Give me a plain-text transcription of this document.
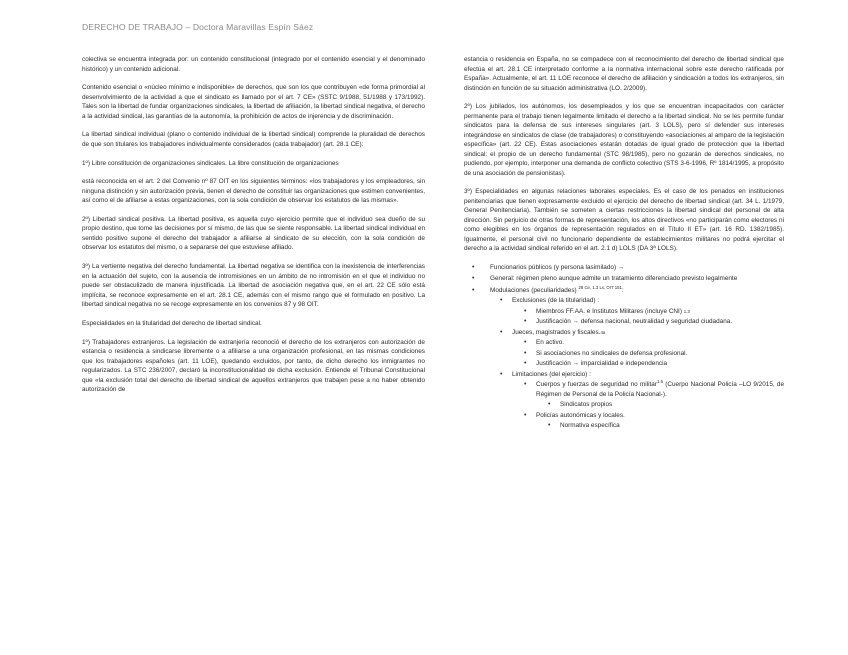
DERECHO DE TRABAJO – Doctora Maravillas Espín Sáez

colectiva se encuentra integrada por: un contenido constitucional (integrado por el contenido esencial y el denominado histórico) y un contenido adicional.

Contenido esencial o «núcleo mínimo e indisponible» de derechos, que son los que contribuyen «de forma primordial al desenvolvimiento de la actividad a que el sindicato es llamado por el art. 7 CE» (SSTC 9/1988, 51/1988 y 173/1992). Tales son la libertad de fundar organizaciones sindicales, la libertad de afiliación, la libertad sindical negativa, el derecho a la actividad sindical, las garantías de la autonomía, la prohibición de actos de injerencia y de discriminación.

La libertad sindical individual (plano o contenido individual de la libertad sindical) comprende la pluralidad de derechos de que son titulares los trabajadores individualmente considerados (cada trabajador) (art. 28.1 CE):

1º) Libre constitución de organizaciones sindicales. La libre constitución de organizaciones

está reconocida en el art. 2 del Convenio nº 87 OIT en los siguientes términos: «los trabajadores y los empleadores, sin ninguna distinción y sin autorización previa, tienen el derecho de constituir las organizaciones que estimen convenientes, así como el de afiliarse a estas organizaciones, con la sola condición de observar los estatutos de las mismas».

2º) Libertad sindical positiva. La libertad positiva, es aquella cuyo ejercicio permite que el individuo sea dueño de su propio destino, que tome las decisiones por sí mismo, de las que se siente responsable. La libertad sindical individual en sentido positivo supone el derecho del trabajador a afiliarse al sindicato de su elección, con la sola condición de observar los estatutos del mismo, o a separarse del que estuviese afiliado.

3º) La vertiente negativa del derecho fundamental. La libertad negativa se identifica con la inexistencia de interferencias en la actuación del sujeto, con la ausencia de intromisiones en un ámbito de no intromisión en el que el individuo no puede ser obstaculizado de manera injustificada. La libertad de asociación negativa que, en el art. 22 CE sólo está implícita, se reconoce expresamente en el art. 28.1 CE, además con el mismo rango que el formulado en positivo. La libertad sindical negativa no se recoge expresamente en los convenios 87 y 98 OIT.

Especialidades en la titularidad del derecho de libertad sindical.

1º) Trabajadores extranjeros. La legislación de extranjería reconoció el derecho de los extranjeros con autorización de estancia o residencia a sindicarse libremente o a afiliarse a una organización profesional, en las mismas condiciones que los trabajadores españoles (art. 11 LOE), quedando excluidos, por tanto, de dicho derecho los inmigrantes no regularizados. La STC 236/2007, declaró la inconstitucionalidad de dicha exclusión. Entiende el Tribunal Constitucional que «la exclusión total del derecho de libertad sindical de aquellos extranjeros que trabajen pese a no haber obtenido autorización de

estancia o residencia en España, no se compadece con el reconocimiento del derecho de libertad sindical que efectúa el art. 28.1 CE interpretado conforme a la normativa internacional sobre este derecho ratificada por España». Actualmente, el art. 11 LOE reconoce el derecho de afiliación y sindicación a todos los extranjeros, sin distinción en función de su situación administrativa (LO. 2/2009).

2º) Los jubilados, los autónomos, los desempleados y los que se encuentran incapacitados con carácter permanente para el trabajo tienen legalmente limitado el derecho a la libertad sindical. No se les permite fundar sindicatos para la defensa de sus intereses singulares (art. 3 LOLS), pero sí defender sus intereses integrándose en sindicatos de clase (de trabajadores) o constituyendo «asociaciones al amparo de la legislación específica» (art. 22 CE). Estas asociaciones estarán dotadas de igual grado de protección que la libertad sindical: el propio de un derecho fundamental (STC 98/1985), pero no gozarán de derechos sindicales, no pudiendo, por ejemplo, interponer una demanda de conflicto colectivo (STS 3-6-1996, Rº 1814/1995, a propósito de una asociación de pensionistas).

3º) Especialidades en algunas relaciones laborales especiales. Es el caso de los penados en instituciones penitenciarias que tienen expresamente excluido el ejercicio del derecho de libertad sindical (art. 34 L. 1/1979, General Penitenciaria). También se someten a ciertas restricciones la libertad sindical del personal de alta dirección. Sin perjuicio de otras formas de representación, los altos directivos «no participarán como electores ni como elegibles en los órganos de representación regulados en el Título II ET» (art. 16 RD. 1382/1985). Igualmente, el personal civil no funcionario dependiente de establecimientos militares no podrá ejercitar el derecho a la actividad sindical referido en el art. 2.1 d) LOLS (DA 3ª LOLS).

• Funcionarios públicos (y persona lasimilado) →
• General: régimen pleno aunque admite un tratamiento diferenciado previsto legalmente
• Modulaciones (peculiaridades) $^{28 Ce, 1.3 Ls, OIT 151}$:
• Exclusiones (de la titularidad) :
• Miembros FF.AA. e Institutos Militares (incluye CNI) 1.3
• Justificación → defensa nacional, neutralidad y seguridad ciudadana.
• Jueces, magistrados y fiscales.4a
• En activo.
• Si asociaciones no sindicales de defensa profesional.
• Justificación → imparcialidad e independencia
• Limitaciones (del ejercicio) :
• Cuerpos y fuerzas de seguridad no militar$^{1.5}$ (Cuerpo Nacional Policía –LO 9/2015, de Régimen de Personal de la Policía Nacional-).
• Sindicatos propios
• Policías autonómicas y locales.
• Normativa específica
